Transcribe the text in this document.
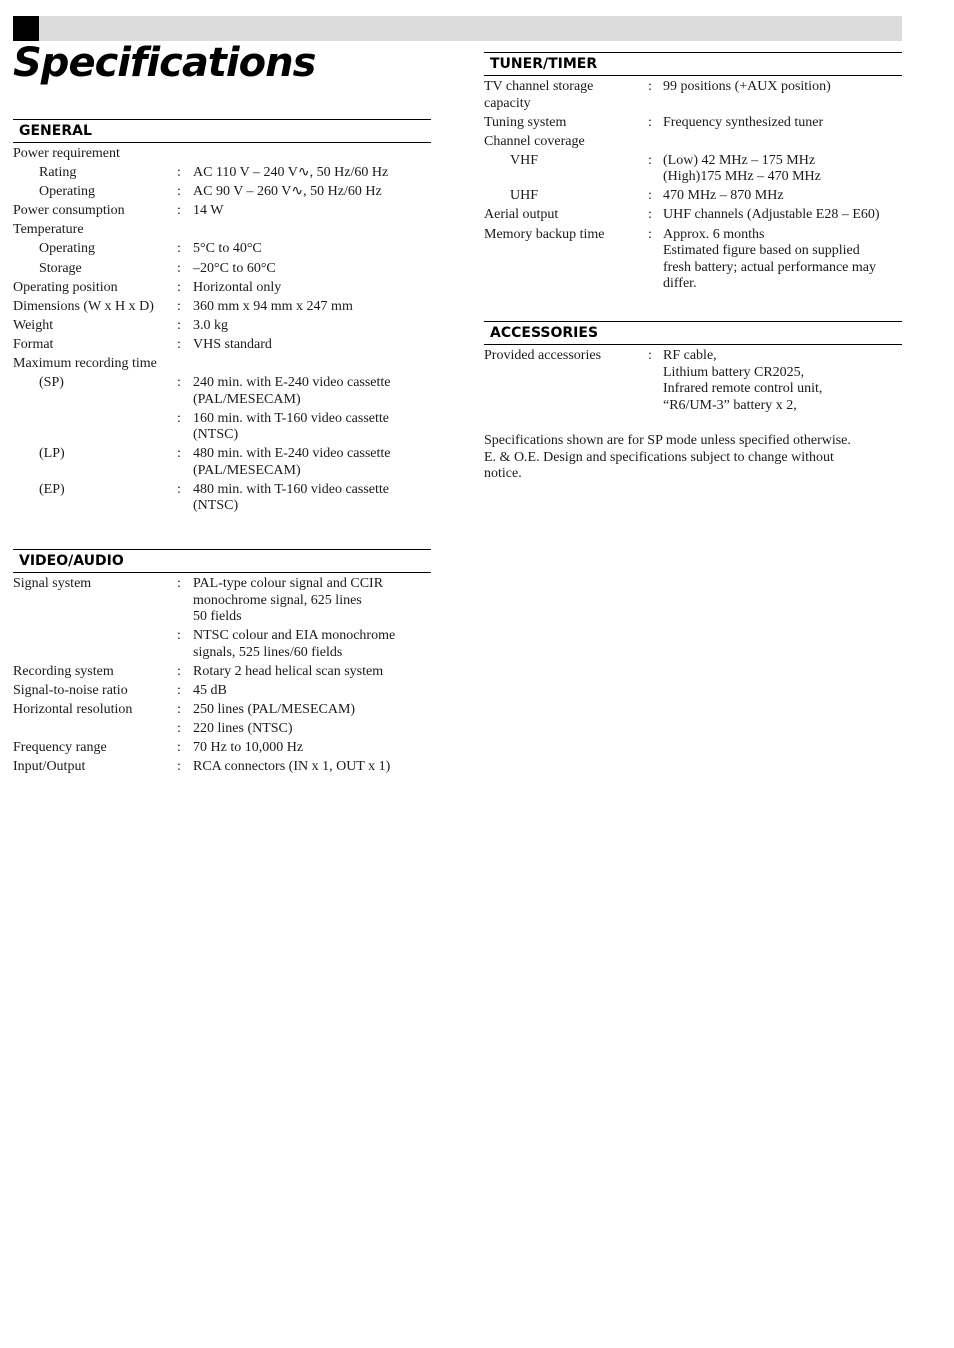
Specifications
GENERAL
Power requirement
Rating	: AC 110 V – 240 V∿, 50 Hz/60 Hz
Operating	: AC 90 V – 260 V∿, 50 Hz/60 Hz
Power consumption	: 14 W
Temperature
Operating	: 5°C to 40°C
Storage	: –20°C to 60°C
Operating position	: Horizontal only
Dimensions (W x H x D) : 360 mm x 94 mm x 247 mm
Weight	: 3.0 kg
Format	: VHS standard
Maximum recording time
(SP)	: 240 min. with E-240 video cassette
(PAL/MESECAM)

: 160 min. with T-160 video cassette
(NTSC)
(LP)	: 480 min. with E-240 video cassette
(PAL/MESECAM)
(EP)	: 480 min. with T-160 video cassette
(NTSC)
VIDEO/AUDIO
Signal system	: PAL-type colour signal and CCIR
monochrome signal, 625 lines
50 fields

: NTSC colour and EIA monochrome
signals, 525 lines/60 fields
Recording system	: Rotary 2 head helical scan system
Signal-to-noise ratio	: 45 dB
Horizontal resolution	: 250 lines (PAL/MESECAM)

: 220 lines (NTSC)
Frequency range	: 70 Hz to 10,000 Hz
Input/Output	: RCA connectors (IN x 1, OUT x 1)
TUNER/TIMER
TV channel storage
capacity
: 99 positions (+AUX position)
Tuning system	: Frequency synthesized tuner
Channel coverage
VHF	: (Low) 42 MHz – 175 MHz
(High)175 MHz – 470 MHz
UHF	: 470 MHz – 870 MHz
Aerial output	: UHF channels (Adjustable E28 – E60)
Memory backup time	: Approx. 6 months
Estimated figure based on supplied
fresh battery; actual performance may
differ.
ACCESSORIES
Provided accessories	: RF cable,
Lithium battery CR2025,
Infrared remote control unit,
“R6/UM-3” battery x 2,
Specifications shown are for SP mode unless specified otherwise.
E. & O.E. Design and specifications subject to change without
notice.
